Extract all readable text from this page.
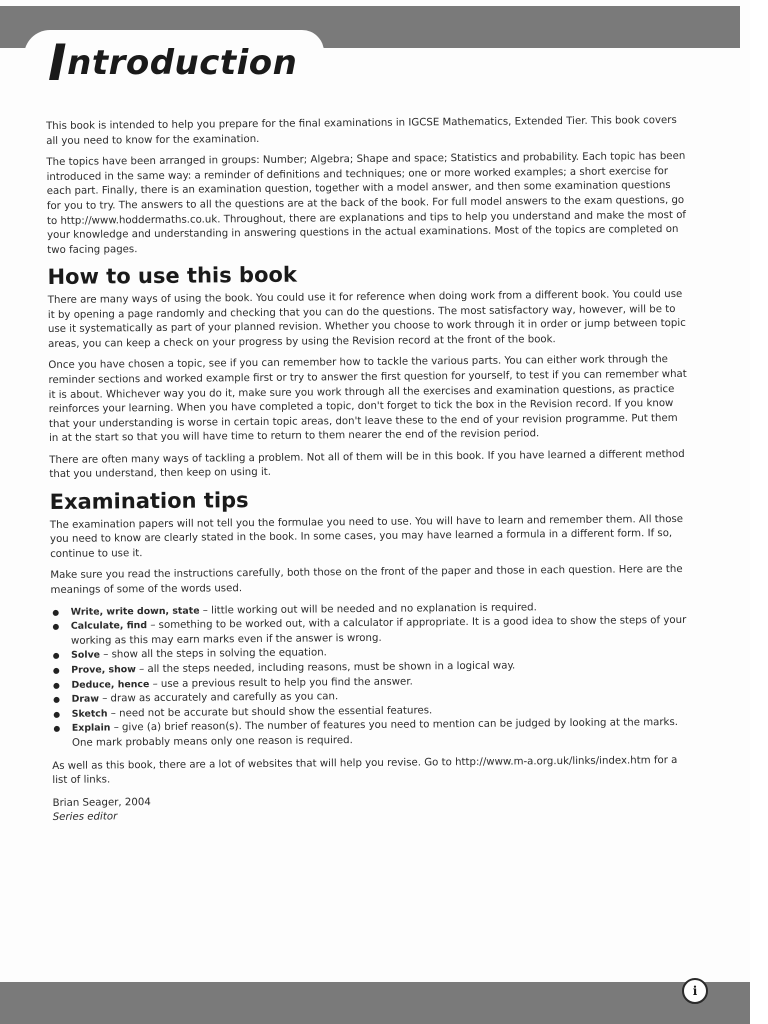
Introduction

This book is intended to help you prepare for the final examinations in IGCSE Mathematics, Extended Tier. This book covers all you need to know for the examination.

The topics have been arranged in groups: Number; Algebra; Shape and space; Statistics and probability. Each topic has been introduced in the same way: a reminder of definitions and techniques; one or more worked examples; a short exercise for each part. Finally, there is an examination question, together with a model answer, and then some examination questions for you to try. The answers to all the questions are at the back of the book. For full model answers to the exam questions, go to http://www.hoddermaths.co.uk. Throughout, there are explanations and tips to help you understand and make the most of your knowledge and understanding in answering questions in the actual examinations. Most of the topics are completed on two facing pages.

How to use this book

There are many ways of using the book. You could use it for reference when doing work from a different book. You could use it by opening a page randomly and checking that you can do the questions. The most satisfactory way, however, will be to use it systematically as part of your planned revision. Whether you choose to work through it in order or jump between topic areas, you can keep a check on your progress by using the Revision record at the front of the book.

Once you have chosen a topic, see if you can remember how to tackle the various parts. You can either work through the reminder sections and worked example first or try to answer the first question for yourself, to test if you can remember what it is about. Whichever way you do it, make sure you work through all the exercises and examination questions, as practice reinforces your learning. When you have completed a topic, don't forget to tick the box in the Revision record. If you know that your understanding is worse in certain topic areas, don't leave these to the end of your revision programme. Put them in at the start so that you will have time to return to them nearer the end of the revision period.

There are often many ways of tackling a problem. Not all of them will be in this book. If you have learned a different method that you understand, then keep on using it.

Examination tips

The examination papers will not tell you the formulae you need to use. You will have to learn and remember them. All those you need to know are clearly stated in the book. In some cases, you may have learned a formula in a different form. If so, continue to use it.

Make sure you read the instructions carefully, both those on the front of the paper and those in each question. Here are the meanings of some of the words used.

Write, write down, state – little working out will be needed and no explanation is required.
Calculate, find – something to be worked out, with a calculator if appropriate. It is a good idea to show the steps of your working as this may earn marks even if the answer is wrong.
Solve – show all the steps in solving the equation.
Prove, show – all the steps needed, including reasons, must be shown in a logical way.
Deduce, hence – use a previous result to help you find the answer.
Draw – draw as accurately and carefully as you can.
Sketch – need not be accurate but should show the essential features.
Explain – give (a) brief reason(s). The number of features you need to mention can be judged by looking at the marks. One mark probably means only one reason is required.

As well as this book, there are a lot of websites that will help you revise. Go to http://www.m-a.org.uk/links/index.htm for a list of links.

Brian Seager, 2004
Series editor
i
